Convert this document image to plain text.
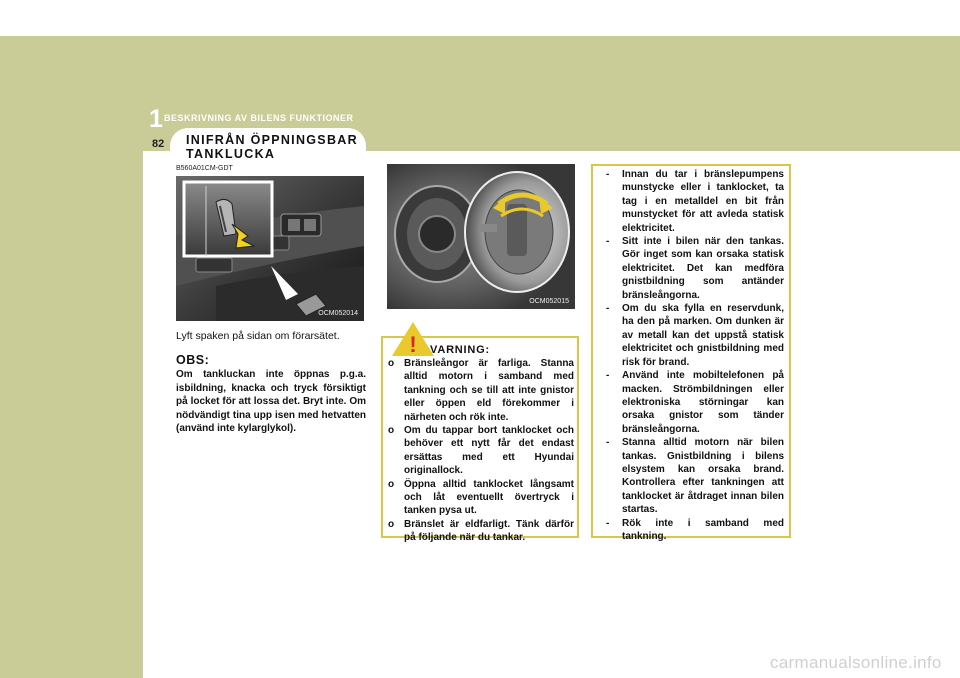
1 BESKRIVNING AV BILENS FUNKTIONER
82 INIFRÅN ÖPPNINGSBAR
TANKLUCKA
B560A01CM-GDT
OCM052014
OCM052015
Lyft spaken på sidan om förarsätet.
OBS:
Om tankluckan inte öppnas p.g.a. isbildning, knacka och tryck försiktigt på locket för att lossa det. Bryt inte. Om nödvändigt tina upp isen med hetvatten (använd inte kylarglykol).
! VARNING:
o Bränsleångor är farliga. Stanna alltid motorn i samband med tankning och se till att inte gnistor eller öppen eld förekommer i närheten och rök inte.
o Om du tappar bort tanklocket och behöver ett nytt får det endast ersättas med ett Hyundai originallock.
o Öppna alltid tanklocket långsamt och låt eventuellt övertryck i tanken pysa ut.
o Bränslet är eldfarligt. Tänk därför på följande när du tankar.
- Innan du tar i bränslepumpens munstycke eller i tanklocket, ta tag i en metalldel en bit från munstycket för att avleda statisk elektricitet.
- Sitt inte i bilen när den tankas. Gör inget som kan orsaka statisk elektricitet. Det kan medföra gnistbildning som antänder bränsleångorna.
- Om du ska fylla en reservdunk, ha den på marken. Om dunken är av metall kan det uppstå statisk elektricitet och gnistbildning med risk för brand.
- Använd inte mobiltelefonen på macken. Strömbildningen eller elektroniska störningar kan orsaka gnistor som tänder bränsleångorna.
- Stanna alltid motorn när bilen tankas. Gnistbildning i bilens elsystem kan orsaka brand. Kontrollera efter tankningen att tanklocket är åtdraget innan bilen startas.
- Rök inte i samband med tankning.
carmanualsonline.info
